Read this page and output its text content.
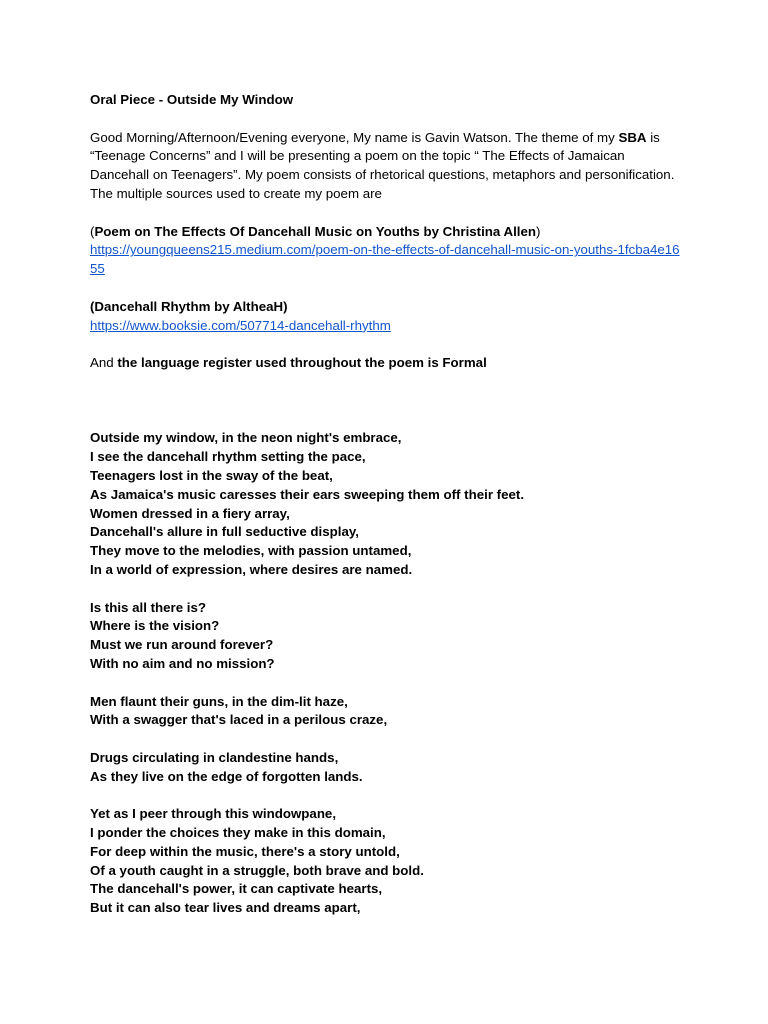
Oral Piece - Outside My Window

Good Morning/Afternoon/Evening everyone, My name is Gavin Watson. The theme of my SBA is “Teenage Concerns” and I will be presenting a poem on the topic “ The Effects of Jamaican Dancehall on Teenagers”. My poem consists of rhetorical questions, metaphors and personification. The multiple sources used to create my poem are

(Poem on The Effects Of Dancehall Music on Youths by Christina Allen)

https://youngqueens215.medium.com/poem-on-the-effects-of-dancehall-music-on-youths-1fcba4e1655

(Dancehall Rhythm by AltheaH)

https://www.booksie.com/507714-dancehall-rhythm

And the language register used throughout the poem is Formal

Outside my window, in the neon night's embrace,

I see the dancehall rhythm setting the pace,

Teenagers lost in the sway of the beat,

As Jamaica's music caresses their ears sweeping them off their feet.

Women dressed in a fiery array,

Dancehall's allure in full seductive display,

They move to the melodies, with passion untamed,

In a world of expression, where desires are named.

Is this all there is?

Where is the vision?

Must we run around forever?

With no aim and no mission?

Men flaunt their guns, in the dim-lit haze,

With a swagger that's laced in a perilous craze,

Drugs circulating in clandestine hands,

As they live on the edge of forgotten lands.

Yet as I peer through this windowpane,

I ponder the choices they make in this domain,

For deep within the music, there's a story untold,

Of a youth caught in a struggle, both brave and bold.

The dancehall's power, it can captivate hearts,

But it can also tear lives and dreams apart,
